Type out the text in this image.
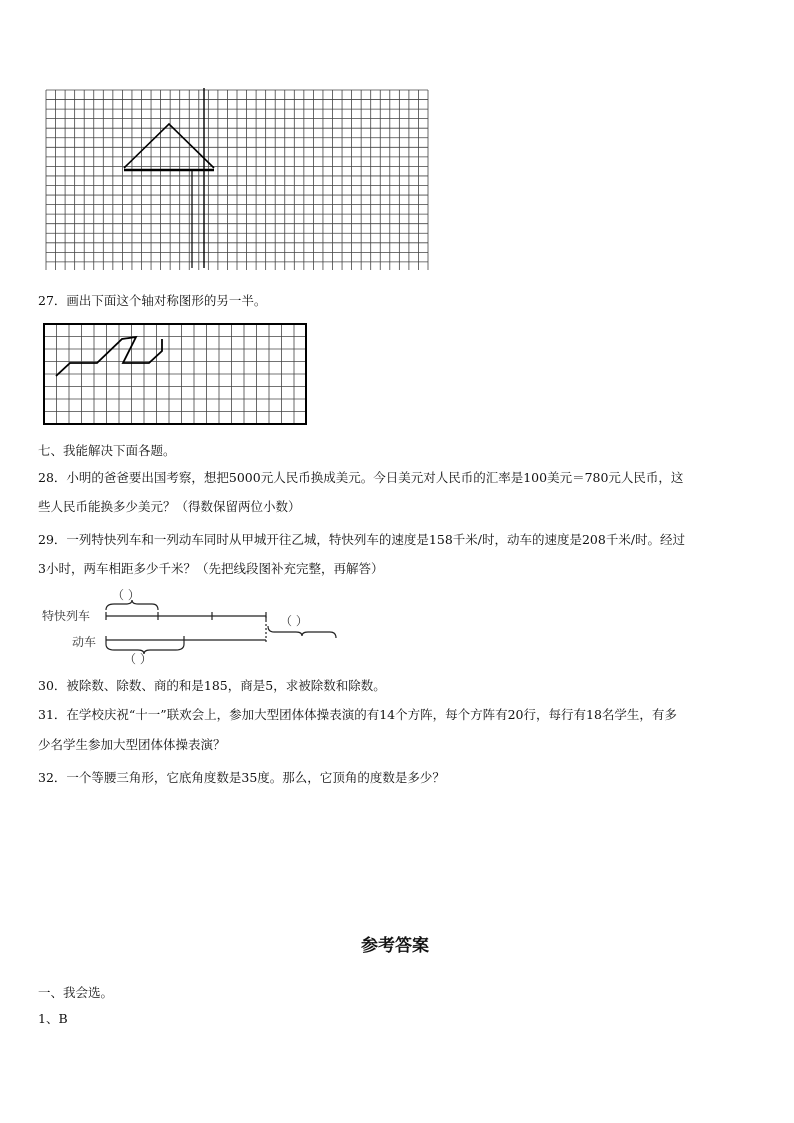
27．画出下面这个轴对称图形的另一半。
七、我能解决下面各题。
28．小明的爸爸要出国考察，想把5000元人民币换成美元。今日美元对人民币的汇率是100美元＝780元人民币，这
些人民币能换多少美元？（得数保留两位小数）
29．一列特快列车和一列动车同时从甲城开往乙城，特快列车的速度是158千米/时，动车的速度是208千米/时。经过
3小时，两车相距多少千米？（先把线段图补充完整，再解答）
特快列车
动车
（ ）
（ ）
（ ）
30．被除数、除数、商的和是185，商是5，求被除数和除数。
31．在学校庆祝“十一”联欢会上，参加大型团体体操表演的有14个方阵，每个方阵有20行，每行有18名学生，有多
少名学生参加大型团体体操表演？
32．一个等腰三角形，它底角度数是35度。那么，它顶角的度数是多少？
参考答案
一、我会选。
1、B
